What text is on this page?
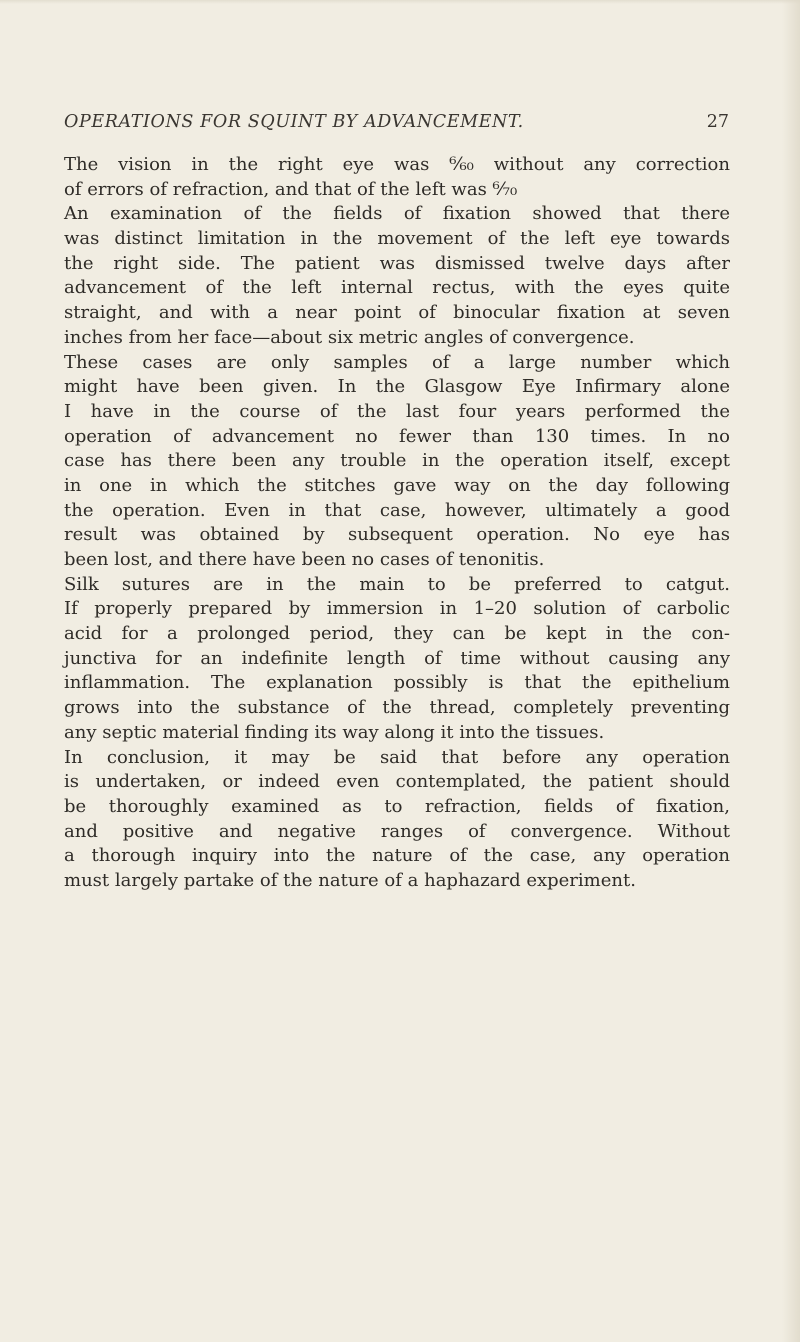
OPERATIONS FOR SQUINT BY ADVANCEMENT.	27
The vision in the right eye was ⁶⁄₆₀ without any correction
of errors of refraction, and that of the left was ⁶⁄₇₀
An examination of the fields of fixation showed that there
was distinct limitation in the movement of the left eye towards
the right side. The patient was dismissed twelve days after
advancement of the left internal rectus, with the eyes quite
straight, and with a near point of binocular fixation at seven
inches from her face—about six metric angles of convergence.
These cases are only samples of a large number which
might have been given. In the Glasgow Eye Infirmary alone
I have in the course of the last four years performed the
operation of advancement no fewer than 130 times. In no
case has there been any trouble in the operation itself, except
in one in which the stitches gave way on the day following
the operation. Even in that case, however, ultimately a good
result was obtained by subsequent operation. No eye has
been lost, and there have been no cases of tenonitis.
Silk sutures are in the main to be preferred to catgut.
If properly prepared by immersion in 1–20 solution of carbolic
acid for a prolonged period, they can be kept in the con-
junctiva for an indefinite length of time without causing any
inflammation. The explanation possibly is that the epithelium
grows into the substance of the thread, completely preventing
any septic material finding its way along it into the tissues.
In conclusion, it may be said that before any operation
is undertaken, or indeed even contemplated, the patient should
be thoroughly examined as to refraction, fields of fixation,
and positive and negative ranges of convergence. Without
a thorough inquiry into the nature of the case, any operation
must largely partake of the nature of a haphazard experiment.
